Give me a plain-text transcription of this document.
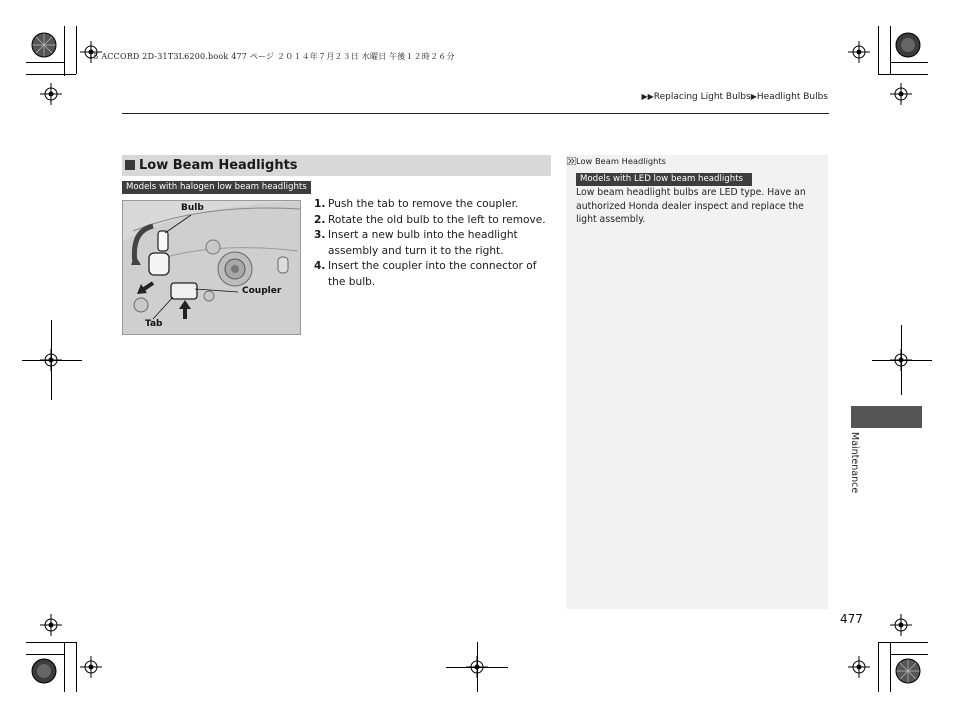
15 ACCORD 2D-31T3L6200.book 477 ページ ２０１４年７月２３日 水曜日 午後１２時２６分
▶▶Replacing Light Bulbs▶Headlight Bulbs
Low Beam Headlights
Models with halogen low beam headlights
Bulb
Coupler
Tab
1. Push the tab to remove the coupler.
2. Rotate the old bulb to the left to remove.
3. Insert a new bulb into the headlight assembly and turn it to the right.
4. Insert the coupler into the connector of the bulb.
Low Beam Headlights
Models with LED low beam headlights
Low beam headlight bulbs are LED type. Have an authorized Honda dealer inspect and replace the light assembly.
Maintenance
477
